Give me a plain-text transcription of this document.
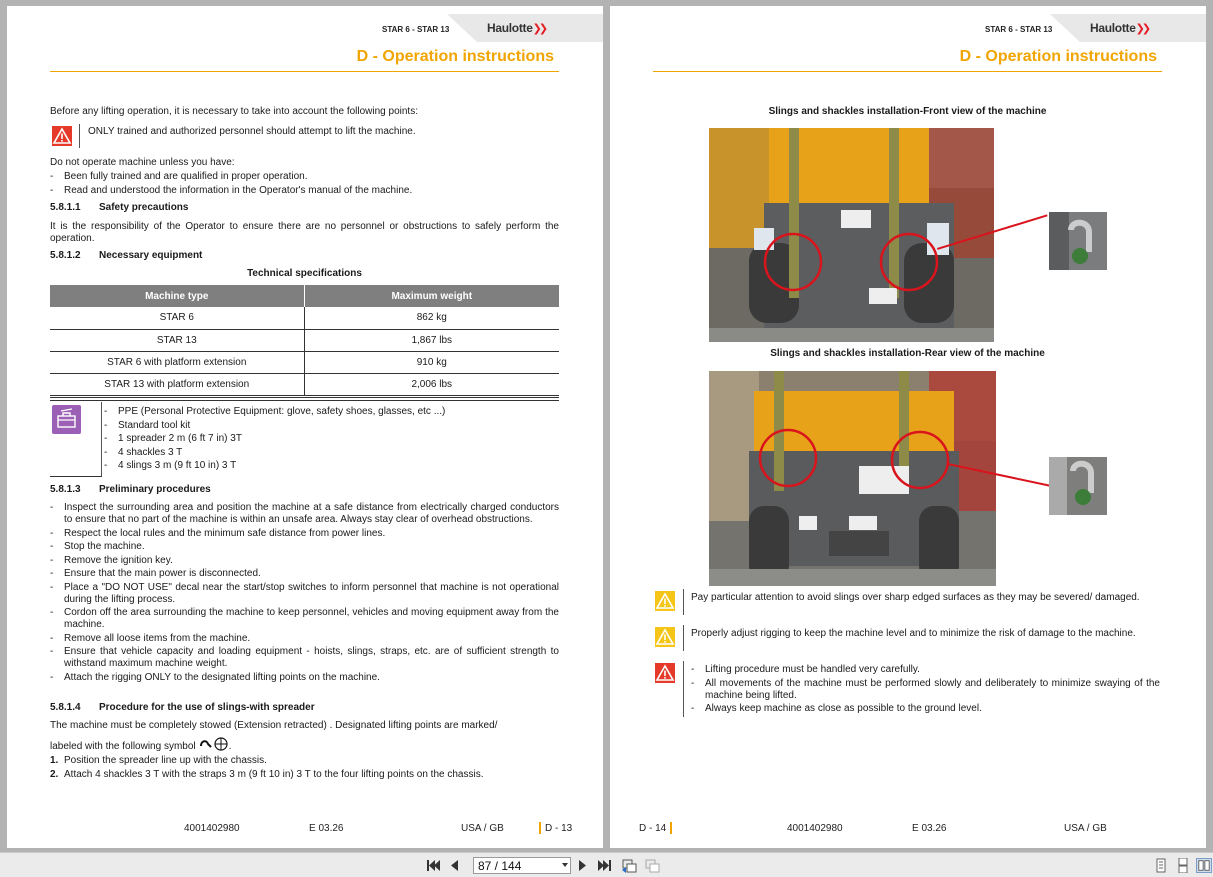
STAR 6 - STAR 13	Haulotte❯❯
D - Operation instructions
Before any lifting operation, it is necessary to take into account the following points:
ONLY trained and authorized personnel should attempt to lift the machine.
Do not operate machine unless you have:
- Been fully trained and are qualified in proper operation.
- Read and understood the information in the Operator's manual of the machine.
5.8.1.1 Safety precautions
It is the responsibility of the Operator to ensure there are no personnel or obstructions to safely perform the operation.
5.8.1.2 Necessary equipment
Technical specifications
Machine type	Maximum weight
STAR 6	862 kg
STAR 13	1,867 lbs
STAR 6 with platform extension	910 kg
STAR 13 with platform extension	2,006 lbs
- PPE (Personal Protective Equipment: glove, safety shoes, glasses, etc ...)
- Standard tool kit
- 1 spreader 2 m (6 ft 7 in) 3T
- 4 shackles 3 T
- 4 slings 3 m (9 ft 10 in) 3 T
5.8.1.3 Preliminary procedures
- Inspect the surrounding area and position the machine at a safe distance from electrically charged conductors to ensure that no part of the machine is within an unsafe area. Always stay clear of overhead obstructions.
- Respect the local rules and the minimum safe distance from power lines.
- Stop the machine.
- Remove the ignition key.
- Ensure that the main power is disconnected.
- Place a "DO NOT USE" decal near the start/stop switches to inform personnel that machine is not operational during the lifting process.
- Cordon off the area surrounding the machine to keep personnel, vehicles and moving equipment away from the machine.
- Remove all loose items from the machine.
- Ensure that vehicle capacity and loading equipment - hoists, slings, straps, etc. are of sufficient strength to withstand maximum machine weight.
- Attach the rigging ONLY to the designated lifting points on the machine.
5.8.1.4 Procedure for the use of slings-with spreader
The machine must be completely stowed (Extension retracted) . Designated lifting points are marked/
labeled with the following symbol	.
1. Position the spreader line up with the chassis.
2. Attach 4 shackles 3 T with the straps 3 m (9 ft 10 in) 3 T to the four lifting points on the chassis.
4001402980	E 03.26	USA / GB	D - 13
STAR 6 - STAR 13	Haulotte❯❯
D - Operation instructions
Slings and shackles installation-Front view of the machine
Slings and shackles installation-Rear view of the machine
Pay particular attention to avoid slings over sharp edged surfaces as they may be severed/ damaged.
Properly adjust rigging to keep the machine level and to minimize the risk of damage to the machine.
- Lifting procedure must be handled very carefully.
- All movements of the machine must be performed slowly and deliberately to minimize swaying of the machine being lifted.
- Always keep machine as close as possible to the ground level.
D - 14	4001402980	E 03.26	USA / GB
87 / 144
